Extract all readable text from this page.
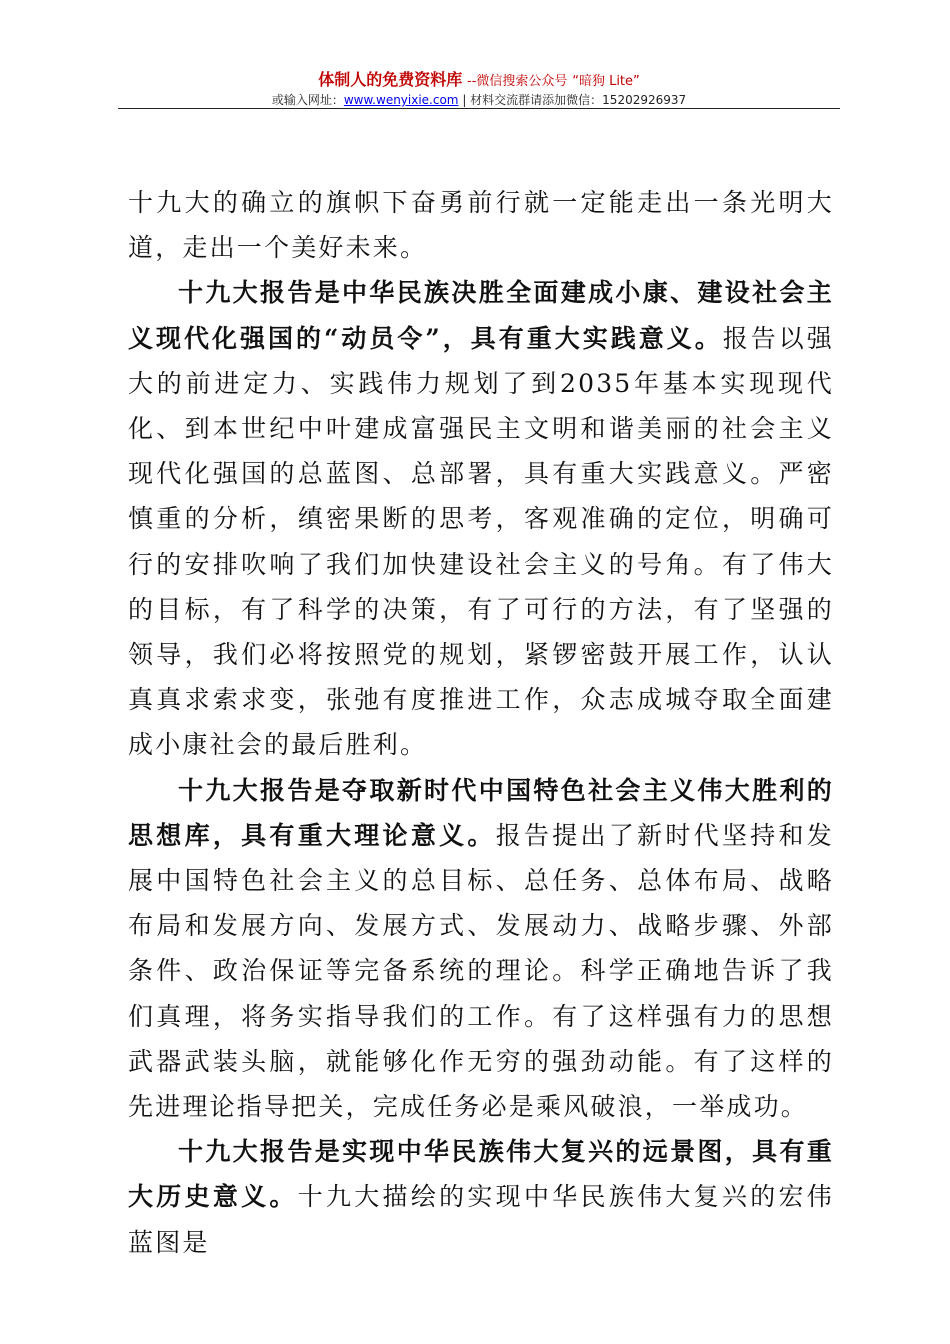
体制人的免费资料库 --微信搜索公众号 “暗狗 Lite”
或输入网址：www.wenyixie.com | 材料交流群请添加微信：15202926937

十九大的确立的旗帜下奋勇前行就一定能走出一条光明大道，走出一个美好未来。

十九大报告是中华民族决胜全面建成小康、建设社会主义现代化强国的“动员令”，具有重大实践意义。报告以强大的前进定力、实践伟力规划了到2035年基本实现现代化、到本世纪中叶建成富强民主文明和谐美丽的社会主义现代化强国的总蓝图、总部署，具有重大实践意义。严密慎重的分析，缜密果断的思考，客观准确的定位，明确可行的安排吹响了我们加快建设社会主义的号角。有了伟大的目标，有了科学的决策，有了可行的方法，有了坚强的领导，我们必将按照党的规划，紧锣密鼓开展工作，认认真真求索求变，张弛有度推进工作，众志成城夺取全面建成小康社会的最后胜利。

十九大报告是夺取新时代中国特色社会主义伟大胜利的思想库，具有重大理论意义。报告提出了新时代坚持和发展中国特色社会主义的总目标、总任务、总体布局、战略布局和发展方向、发展方式、发展动力、战略步骤、外部条件、政治保证等完备系统的理论。科学正确地告诉了我们真理，将务实指导我们的工作。有了这样强有力的思想武器武装头脑，就能够化作无穷的强劲动能。有了这样的先进理论指导把关，完成任务必是乘风破浪，一举成功。

十九大报告是实现中华民族伟大复兴的远景图，具有重大历史意义。十九大描绘的实现中华民族伟大复兴的宏伟蓝图是
